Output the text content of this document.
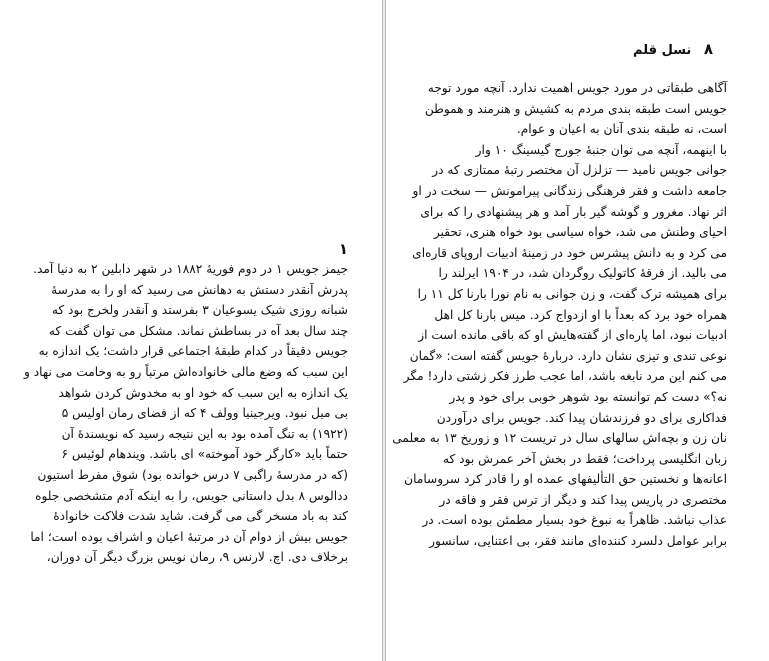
۱

جیمز جویس ۱ در دوم فوریهٔ ۱۸۸۲ در شهر دابلین ۲ به دنیا آمد.

پدرش آنقدر دستش به دهانش می رسید که او را به مدرسهٔ

شبانه روزی شیک یسوعیان ۳ بفرستد و آنقدر ولخرج بود که

چند سال بعد آه در بساطش نماند. مشکل می توان گفت که

جویس دقیقاً در کدام طبقهٔ اجتماعی قرار داشت؛ یک اندازه به

این سبب که وضع مالی خانواده‌اش مرتباً رو به وخامت می نهاد و

یک اندازه به این سبب که خود او به مخدوش کردن شواهد

بی میل نبود. ویرجینیا وولف ۴ که از فضای رمان اولیس ۵

(۱۹۲۲) به تنگ آمده بود به این نتیجه رسید که نویسندهٔ آن

حتماً باید «کارگر خود آموخته» ای باشد. ویندهام لوئیس ۶

(که در مدرسهٔ راگبی ۷ درس خوانده بود) شوق مفرط استیون

ددالوس ۸ بدل داستانی جویس، را به اینکه آدم متشخصی جلوه

کند به باد مسخر گی می گرفت. شاید شدت فلاکت خانوادهٔ

جویس بیش از دوام آن در مرتبهٔ اعیان و اشراف بوده است؛ اما

برخلاف دی. اچ. لارنس ۹، رمان نویس بزرگ دیگر آن دوران،

۸ نسل قلم

آگاهی طبقاتی در مورد جویس اهمیت ندارد. آنچه مورد توجه

جویس است طبقه بندی مردم به کشیش و هنرمند و هموطن

است، نه طبقه بندی آنان به اعیان و عوام.

با اینهمه، آنچه می توان جنبهٔ جورج گیسینگ ۱۰ وار

جوانی جویس نامید — تزلزل آن مختصر رتبهٔ ممتازی که در

جامعه داشت و فقر فرهنگی زندگانی پیرامونش — سخت در او

اثر نهاد. مغرور و گوشه گیر بار آمد و هر پیشنهادی را که برای

احیای وطنش می شد، خواه سیاسی بود خواه هنری، تحقیر

می کرد و به دانش پیشرس خود در زمینهٔ ادبیات اروپای قاره‌ای

می بالید. از فرقهٔ کاتولیک روگردان شد، در ۱۹۰۴ ایرلند را

برای همیشه ترک گفت، و زن جوانی به نام نورا بارنا کل ۱۱ را

همراه خود برد که بعداً با او ازدواج کرد. میس بارنا کل اهل

ادبیات نبود، اما پاره‌ای از گفته‌هایش او که باقی مانده است از

نوعی تندی و تیزی نشان دارد. دربارهٔ جویس گفته است: «گمان

می کنم این مرد نابغه باشد، اما عجب طرز فکر زشتی دارد! مگر

نه؟» دست کم توانسته بود شوهر خوبی برای خود و پدر

فداکاری برای دو فرزندشان پیدا کند. جویس برای درآوردن

نان زن و بچه‌اش سالهای سال در تریست ۱۲ و زوریخ ۱۳ به معلمی

زبان انگلیسی پرداخت؛ فقط در بخش آخر عمرش بود که

اعانه‌ها و نخستین حق التألیفهای عمده او را قادر کرد سروسامان

مختصری در پاریس پیدا کند و دیگر از ترس فقر و فاقه در

عذاب نباشد. ظاهراً به نبوغ خود بسیار مطمئن بوده است. در

برابر عوامل دلسرد کننده‌ای مانند فقر، بی اعتنایی، سانسور
